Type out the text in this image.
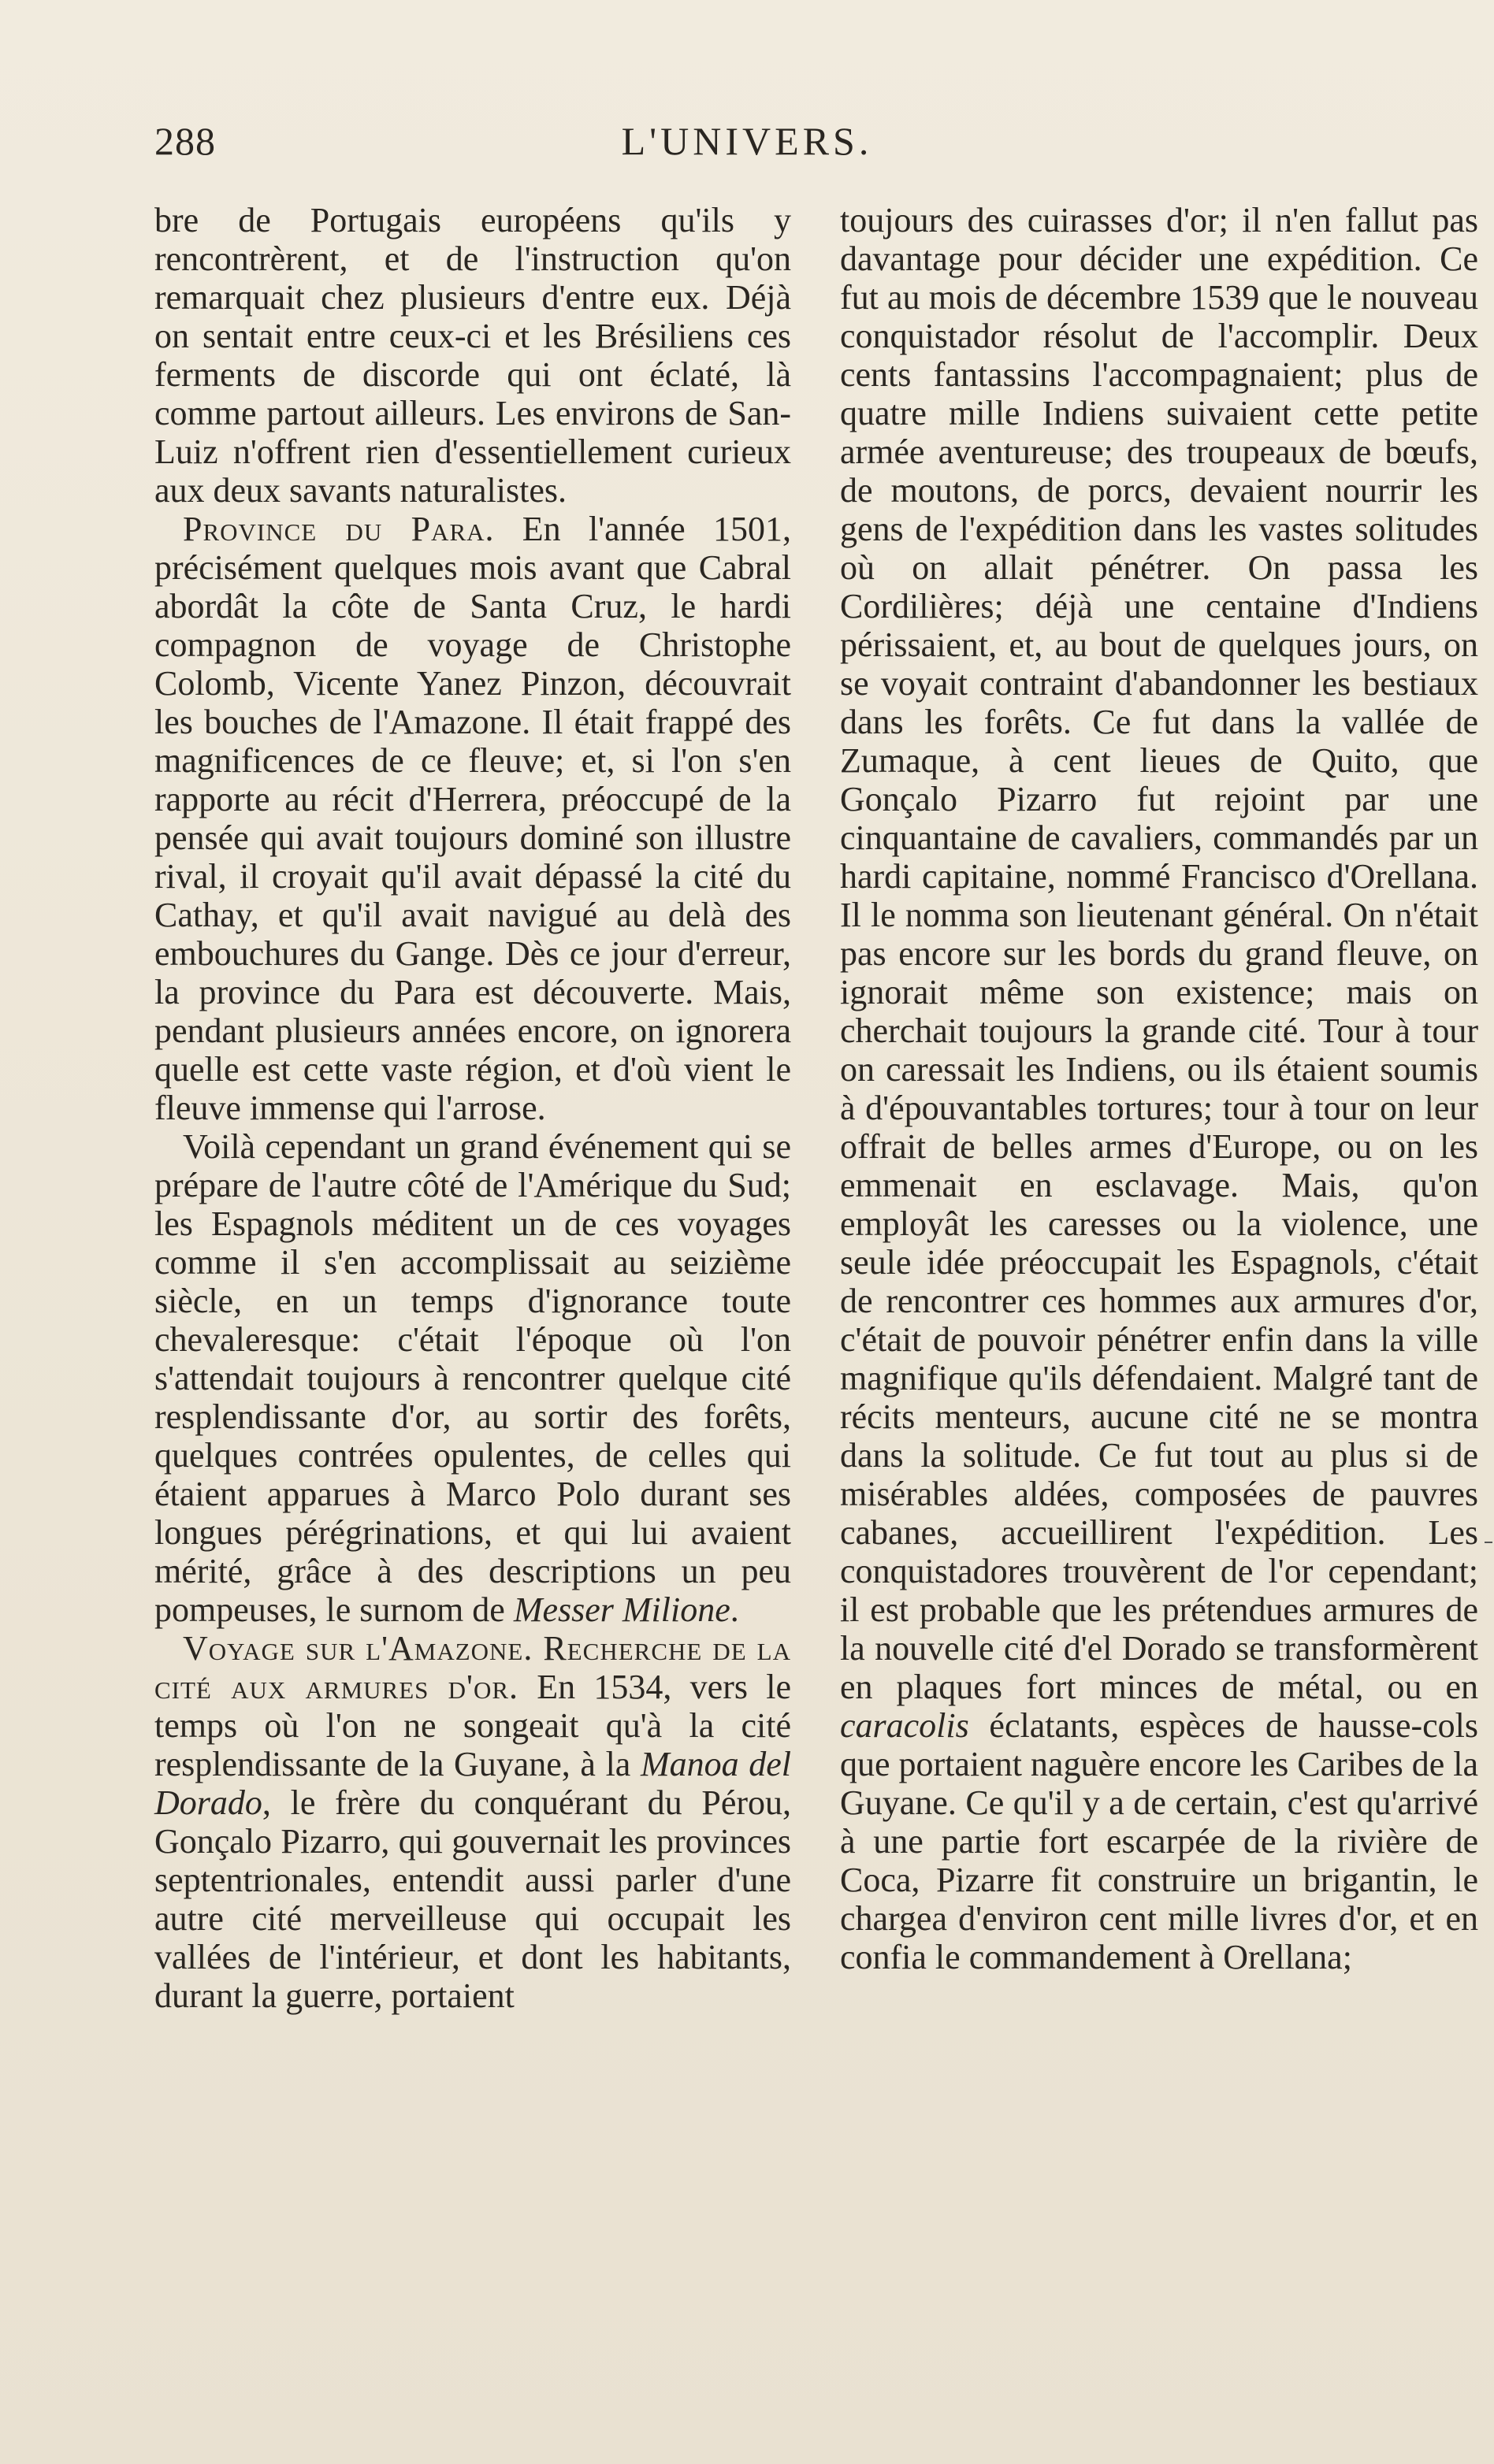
288	L'UNIVERS.

bre de Portugais européens qu'ils y rencontrèrent, et de l'instruction qu'on remarquait chez plusieurs d'entre eux. Déjà on sentait entre ceux-ci et les Brésiliens ces ferments de discorde qui ont éclaté, là comme partout ailleurs. Les environs de San-Luiz n'offrent rien d'essentiellement curieux aux deux savants naturalistes.

Province du Para. En l'année 1501, précisément quelques mois avant que Cabral abordât la côte de Santa Cruz, le hardi compagnon de voyage de Christophe Colomb, Vicente Yanez Pinzon, découvrait les bouches de l'Amazone. Il était frappé des magnificences de ce fleuve; et, si l'on s'en rapporte au récit d'Herrera, préoccupé de la pensée qui avait toujours dominé son illustre rival, il croyait qu'il avait dépassé la cité du Cathay, et qu'il avait navigué au delà des embouchures du Gange. Dès ce jour d'erreur, la province du Para est découverte. Mais, pendant plusieurs années encore, on ignorera quelle est cette vaste région, et d'où vient le fleuve immense qui l'arrose.

Voilà cependant un grand événement qui se prépare de l'autre côté de l'Amérique du Sud; les Espagnols méditent un de ces voyages comme il s'en accomplissait au seizième siècle, en un temps d'ignorance toute chevaleresque: c'était l'époque où l'on s'attendait toujours à rencontrer quelque cité resplendissante d'or, au sortir des forêts, quelques contrées opulentes, de celles qui étaient apparues à Marco Polo durant ses longues pérégrinations, et qui lui avaient mérité, grâce à des descriptions un peu pompeuses, le surnom de Messer Milione.

Voyage sur l'Amazone. Recherche de la cité aux armures d'or. En 1534, vers le temps où l'on ne songeait qu'à la cité resplendissante de la Guyane, à la Manoa del Dorado, le frère du conquérant du Pérou, Gonçalo Pizarro, qui gouvernait les provinces septentrionales, entendit aussi parler d'une autre cité merveilleuse qui occupait les vallées de l'intérieur, et dont les habitants, durant la guerre, portaient

toujours des cuirasses d'or; il n'en fallut pas davantage pour décider une expédition. Ce fut au mois de décembre 1539 que le nouveau conquistador résolut de l'accomplir. Deux cents fantassins l'accompagnaient; plus de quatre mille Indiens suivaient cette petite armée aventureuse; des troupeaux de bœufs, de moutons, de porcs, devaient nourrir les gens de l'expédition dans les vastes solitudes où on allait pénétrer. On passa les Cordilières; déjà une centaine d'Indiens périssaient, et, au bout de quelques jours, on se voyait contraint d'abandonner les bestiaux dans les forêts. Ce fut dans la vallée de Zumaque, à cent lieues de Quito, que Gonçalo Pizarro fut rejoint par une cinquantaine de cavaliers, commandés par un hardi capitaine, nommé Francisco d'Orellana. Il le nomma son lieutenant général. On n'était pas encore sur les bords du grand fleuve, on ignorait même son existence; mais on cherchait toujours la grande cité. Tour à tour on caressait les Indiens, ou ils étaient soumis à d'épouvantables tortures; tour à tour on leur offrait de belles armes d'Europe, ou on les emmenait en esclavage. Mais, qu'on employât les caresses ou la violence, une seule idée préoccupait les Espagnols, c'était de rencontrer ces hommes aux armures d'or, c'était de pouvoir pénétrer enfin dans la ville magnifique qu'ils défendaient. Malgré tant de récits menteurs, aucune cité ne se montra dans la solitude. Ce fut tout au plus si de misérables aldées, composées de pauvres cabanes, accueillirent l'expédition. Les conquistadores trouvèrent de l'or cependant; il est probable que les prétendues armures de la nouvelle cité d'el Dorado se transformèrent en plaques fort minces de métal, ou en caracolis éclatants, espèces de hausse-cols que portaient naguère encore les Caribes de la Guyane. Ce qu'il y a de certain, c'est qu'arrivé à une partie fort escarpée de la rivière de Coca, Pizarre fit construire un brigantin, le chargea d'environ cent mille livres d'or, et en confia le commandement à Orellana;
